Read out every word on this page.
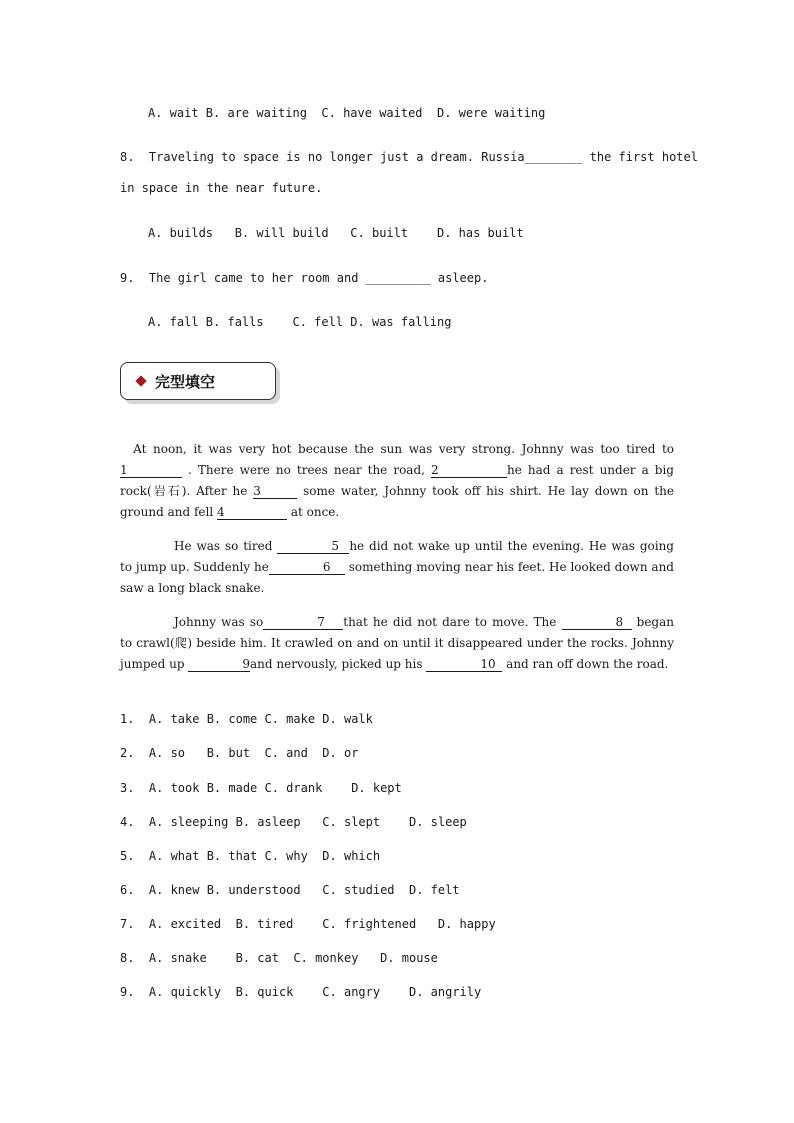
A. wait B. are waiting  C. have waited  D. were waiting
8.  Traveling to space is no longer just a dream. Russia________ the first hotel
in space in the near future.
A. builds   B. will build   C. built    D. has built
9.  The girl came to her room and _________ asleep.
A. fall B. falls    C. fell D. was falling
完型填空

At noon, it was very hot because the sun was very strong. Johnny was too tired to1	. There were no trees near the road, 2	he had a rest under a big rock(岩石). After he 3	some water, Johnny took off his shirt. He lay down on the ground and fell 4	at once.

He was so tired	5 he did not wake up until the evening. He was going to jump up. Suddenly he	6 something moving near his feet. He looked down and saw a long black snake.

Johnny was so	7 that he did not dare to move. The	8 began to crawl(爬) beside him. It crawled on and on until it disappeared under the rocks. Johnny jumped up	9and nervously, picked up his	10 and ran off down the road.

1.  A. take B. come C. make D. walk
2.  A. so   B. but  C. and  D. or
3.  A. took B. made C. drank    D. kept
4.  A. sleeping B. asleep   C. slept    D. sleep
5.  A. what B. that C. why  D. which
6.  A. knew B. understood   C. studied  D. felt
7.  A. excited  B. tired    C. frightened   D. happy
8.  A. snake    B. cat  C. monkey   D. mouse
9.  A. quickly  B. quick    C. angry    D. angrily
